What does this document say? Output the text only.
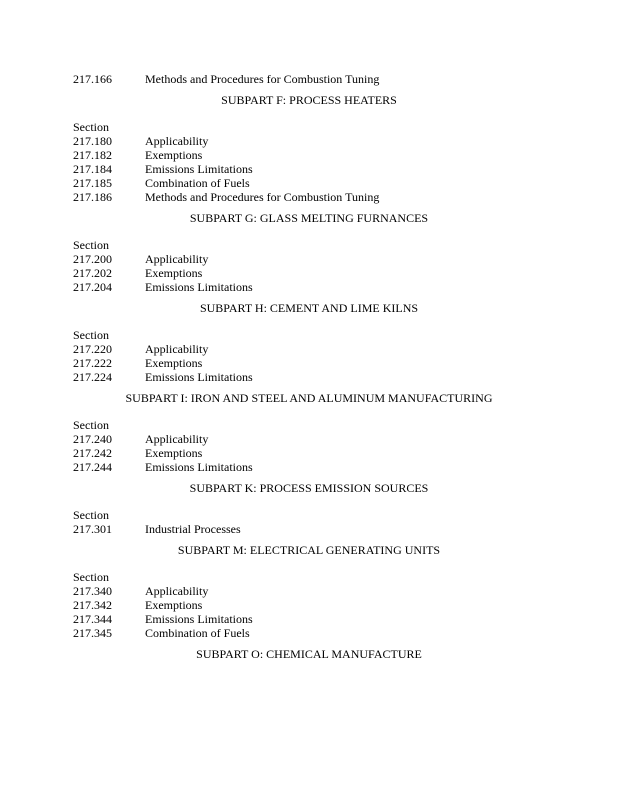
217.166	Methods and Procedures for Combustion Tuning
SUBPART F: PROCESS HEATERS
Section
217.180	Applicability
217.182	Exemptions
217.184	Emissions Limitations
217.185	Combination of Fuels
217.186	Methods and Procedures for Combustion Tuning
SUBPART G: GLASS MELTING FURNANCES
Section
217.200	Applicability
217.202	Exemptions
217.204	Emissions Limitations
SUBPART H: CEMENT AND LIME KILNS
Section
217.220	Applicability
217.222	Exemptions
217.224	Emissions Limitations
SUBPART I: IRON AND STEEL AND ALUMINUM MANUFACTURING
Section
217.240	Applicability
217.242	Exemptions
217.244	Emissions Limitations
SUBPART K: PROCESS EMISSION SOURCES
Section
217.301	Industrial Processes
SUBPART M: ELECTRICAL GENERATING UNITS
Section
217.340	Applicability
217.342	Exemptions
217.344	Emissions Limitations
217.345	Combination of Fuels
SUBPART O: CHEMICAL MANUFACTURE
